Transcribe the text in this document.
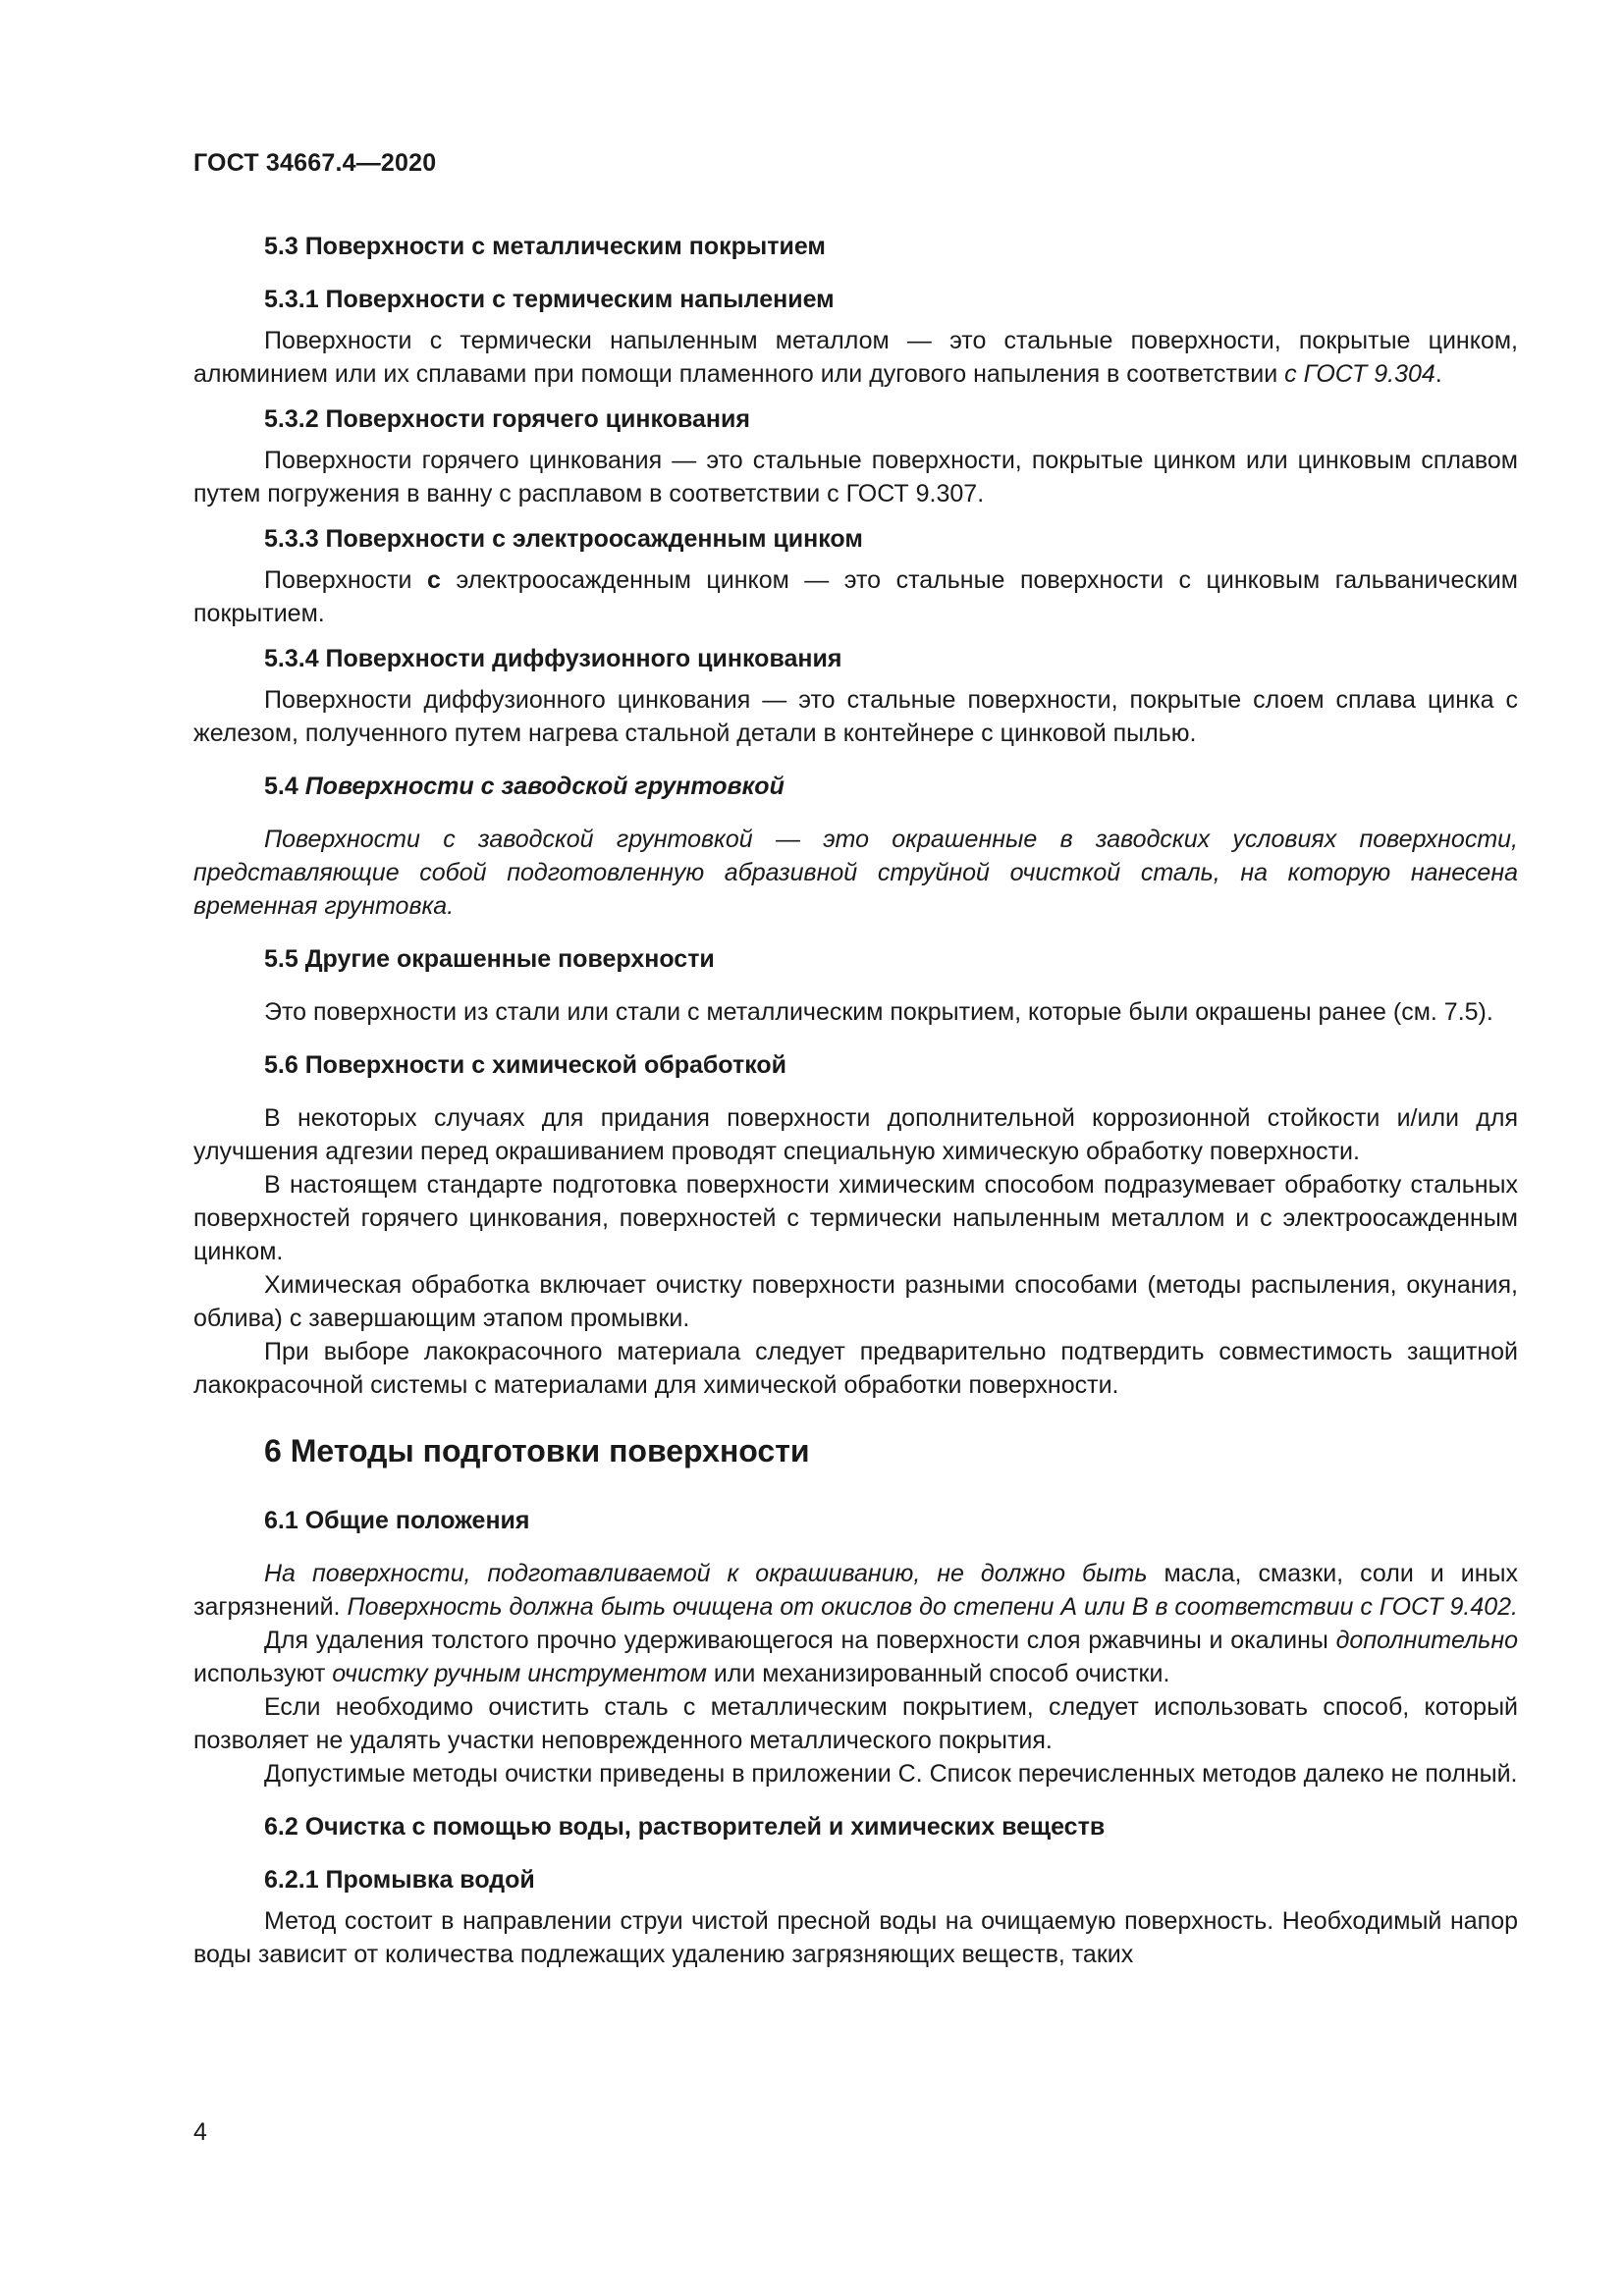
ГОСТ 34667.4—2020
5.3 Поверхности с металлическим покрытием
5.3.1 Поверхности с термическим напылением

Поверхности с термически напыленным металлом — это стальные поверхности, покрытые цинком, алюминием или их сплавами при помощи пламенного или дугового напыления в соответствии с ГОСТ 9.304.

5.3.2 Поверхности горячего цинкования

Поверхности горячего цинкования — это стальные поверхности, покрытые цинком или цинковым сплавом путем погружения в ванну с расплавом в соответствии с ГОСТ 9.307.

5.3.3 Поверхности с электроосажденным цинком

Поверхности с электроосажденным цинком — это стальные поверхности с цинковым гальваническим покрытием.

5.3.4 Поверхности диффузионного цинкования

Поверхности диффузионного цинкования — это стальные поверхности, покрытые слоем сплава цинка с железом, полученного путем нагрева стальной детали в контейнере с цинковой пылью.

5.4 Поверхности с заводской грунтовкой

Поверхности с заводской грунтовкой — это окрашенные в заводских условиях поверхности, представляющие собой подготовленную абразивной струйной очисткой сталь, на которую нанесена временная грунтовка.

5.5 Другие окрашенные поверхности

Это поверхности из стали или стали с металлическим покрытием, которые были окрашены ранее (см. 7.5).

5.6 Поверхности с химической обработкой

В некоторых случаях для придания поверхности дополнительной коррозионной стойкости и/или для улучшения адгезии перед окрашиванием проводят специальную химическую обработку поверхности.

В настоящем стандарте подготовка поверхности химическим способом подразумевает обработку стальных поверхностей горячего цинкования, поверхностей с термически напыленным металлом и с электроосажденным цинком.

Химическая обработка включает очистку поверхности разными способами (методы распыления, окунания, облива) с завершающим этапом промывки.

При выборе лакокрасочного материала следует предварительно подтвердить совместимость защитной лакокрасочной системы с материалами для химической обработки поверхности.

6 Методы подготовки поверхности
6.1 Общие положения

На поверхности, подготавливаемой к окрашиванию, не должно быть масла, смазки, соли и иных загрязнений. Поверхность должна быть очищена от окислов до степени А или В в соответствии с ГОСТ 9.402.

Для удаления толстого прочно удерживающегося на поверхности слоя ржавчины и окалины дополнительно используют очистку ручным инструментом или механизированный способ очистки.

Если необходимо очистить сталь с металлическим покрытием, следует использовать способ, который позволяет не удалять участки неповрежденного металлического покрытия.

Допустимые методы очистки приведены в приложении С. Список перечисленных методов далеко не полный.

6.2 Очистка с помощью воды, растворителей и химических веществ
6.2.1 Промывка водой

Метод состоит в направлении струи чистой пресной воды на очищаемую поверхность. Необходимый напор воды зависит от количества подлежащих удалению загрязняющих веществ, таких

4
